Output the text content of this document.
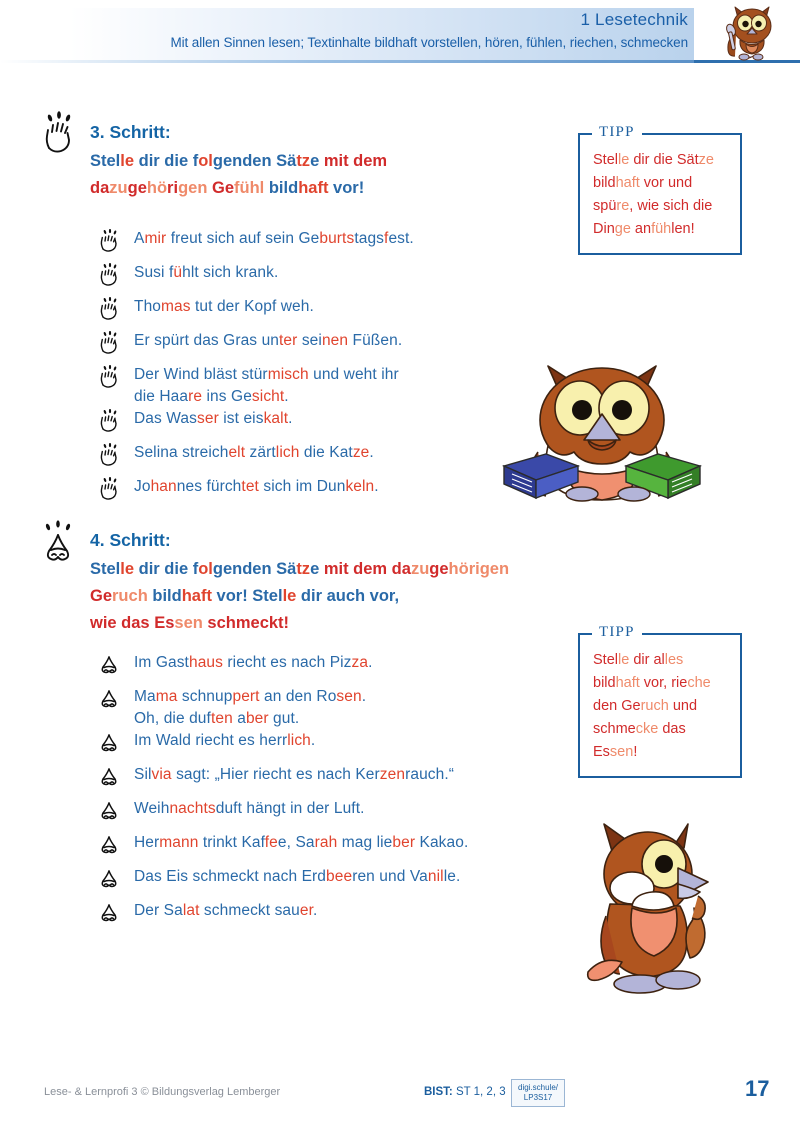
1 Lesetechnik
Mit allen Sinnen lesen; Textinhalte bildhaft vorstellen, hören, fühlen, riechen, schmecken
3. Schritt:
Stelle dir die folgenden Sätze mit dem
dazugehörigen Gefühl bildhaft vor!
Amir freut sich auf sein Geburtstagsfest.
Susi fühlt sich krank.
Thomas tut der Kopf weh.
Er spürt das Gras unter seinen Füßen.
Der Wind bläst stürmisch und weht ihr
die Haare ins Gesicht.
Das Wasser ist eiskalt.
Selina streichelt zärtlich die Katze.
Johannes fürchtet sich im Dunkeln.
TIPP
Stelle dir die Sätze
bildhaft vor und
spüre, wie sich die
Dinge anfühlen!
4. Schritt:
Stelle dir die folgenden Sätze mit dem dazugehörigen
Geruch bildhaft vor! Stelle dir auch vor,
wie das Essen schmeckt!
Im Gasthaus riecht es nach Pizza.
Mama schnuppert an den Rosen.
Oh, die duften aber gut.
Im Wald riecht es herrlich.
Silvia sagt: „Hier riecht es nach Kerzenrauch.“
Weihnachtsduft hängt in der Luft.
Hermann trinkt Kaffee, Sarah mag lieber Kakao.
Das Eis schmeckt nach Erdbeeren und Vanille.
Der Salat schmeckt sauer.
TIPP
Stelle dir alles
bildhaft vor, rieche
den Geruch und
schmecke das
Essen!
Lese- & Lernprofi 3 © Bildungsverlag Lemberger	BIST: ST 1, 2, 3 digi.schule/
LP3S17	17
